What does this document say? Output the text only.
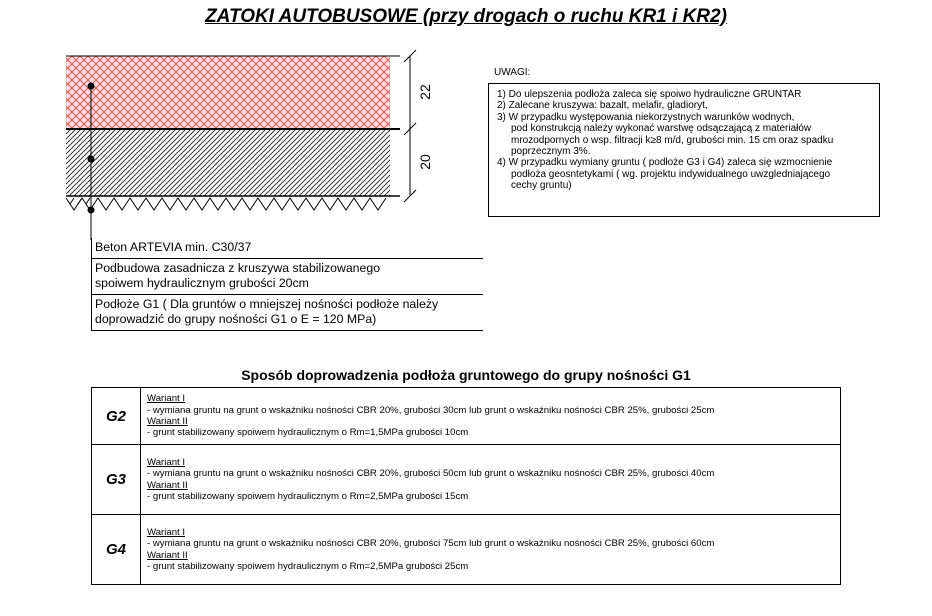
ZATOKI AUTOBUSOWE (przy drogach o ruchu KR1 i KR2)
22
20
UWAGI:

1) Do ulepszenia podłoża zaleca się spoiwo hydrauliczne GRUNTAR

2) Zalecane kruszywa: bazalt, melafir, gladioryt,

3) W przypadku występowania niekorzystnych warunków wodnych,

pod konstrukcją należy wykonać warstwę odsączającą z materiałów

mrozodpornych o wsp. filtracji k≥8 m/d, grubości min. 15 cm oraz spadku

poprzecznym 3%.

4) W przypadku wymiany gruntu ( podłoże G3 i G4) zaleca się wzmocnienie

podłoża geosntetykami ( wg. projektu indywidualnego uwzgledniającego

cechy gruntu)

Beton ARTEVIA min. C30/37
Podbudowa zasadnicza z kruszywa stabilizowanego
spoiwem hydraulicznym grubości 20cm
Podłoże G1 ( Dla gruntów o mniejszej nośności podłoże należy
doprowadzić do grupy nośności G1 o E = 120 MPa)
Sposób doprowadzenia podłoża gruntowego do grupy nośności G1
G2	Wariant I
- wymiana gruntu na grunt o wskaźniku nośności CBR 20%, grubości 30cm lub grunt o wskaźniku nośności CBR 25%, grubości 25cm
Wariant II
- grunt stabilizowany spoiwem hydraulicznym o Rm=1,5MPa grubości 10cm

G3	Wariant I
- wymiana gruntu na grunt o wskaźniku nośności CBR 20%, grubości 50cm lub grunt o wskaźniku nośności CBR 25%, grubości 40cm
Wariant II
- grunt stabilizowany spoiwem hydraulicznym o Rm=2,5MPa grubości 15cm

G4	Wariant I
- wymiana gruntu na grunt o wskaźniku nośności CBR 20%, grubości 75cm lub grunt o wskaźniku nośności CBR 25%, grubości 60cm
Wariant II
- grunt stabilizowany spoiwem hydraulicznym o Rm=2,5MPa grubości 25cm
